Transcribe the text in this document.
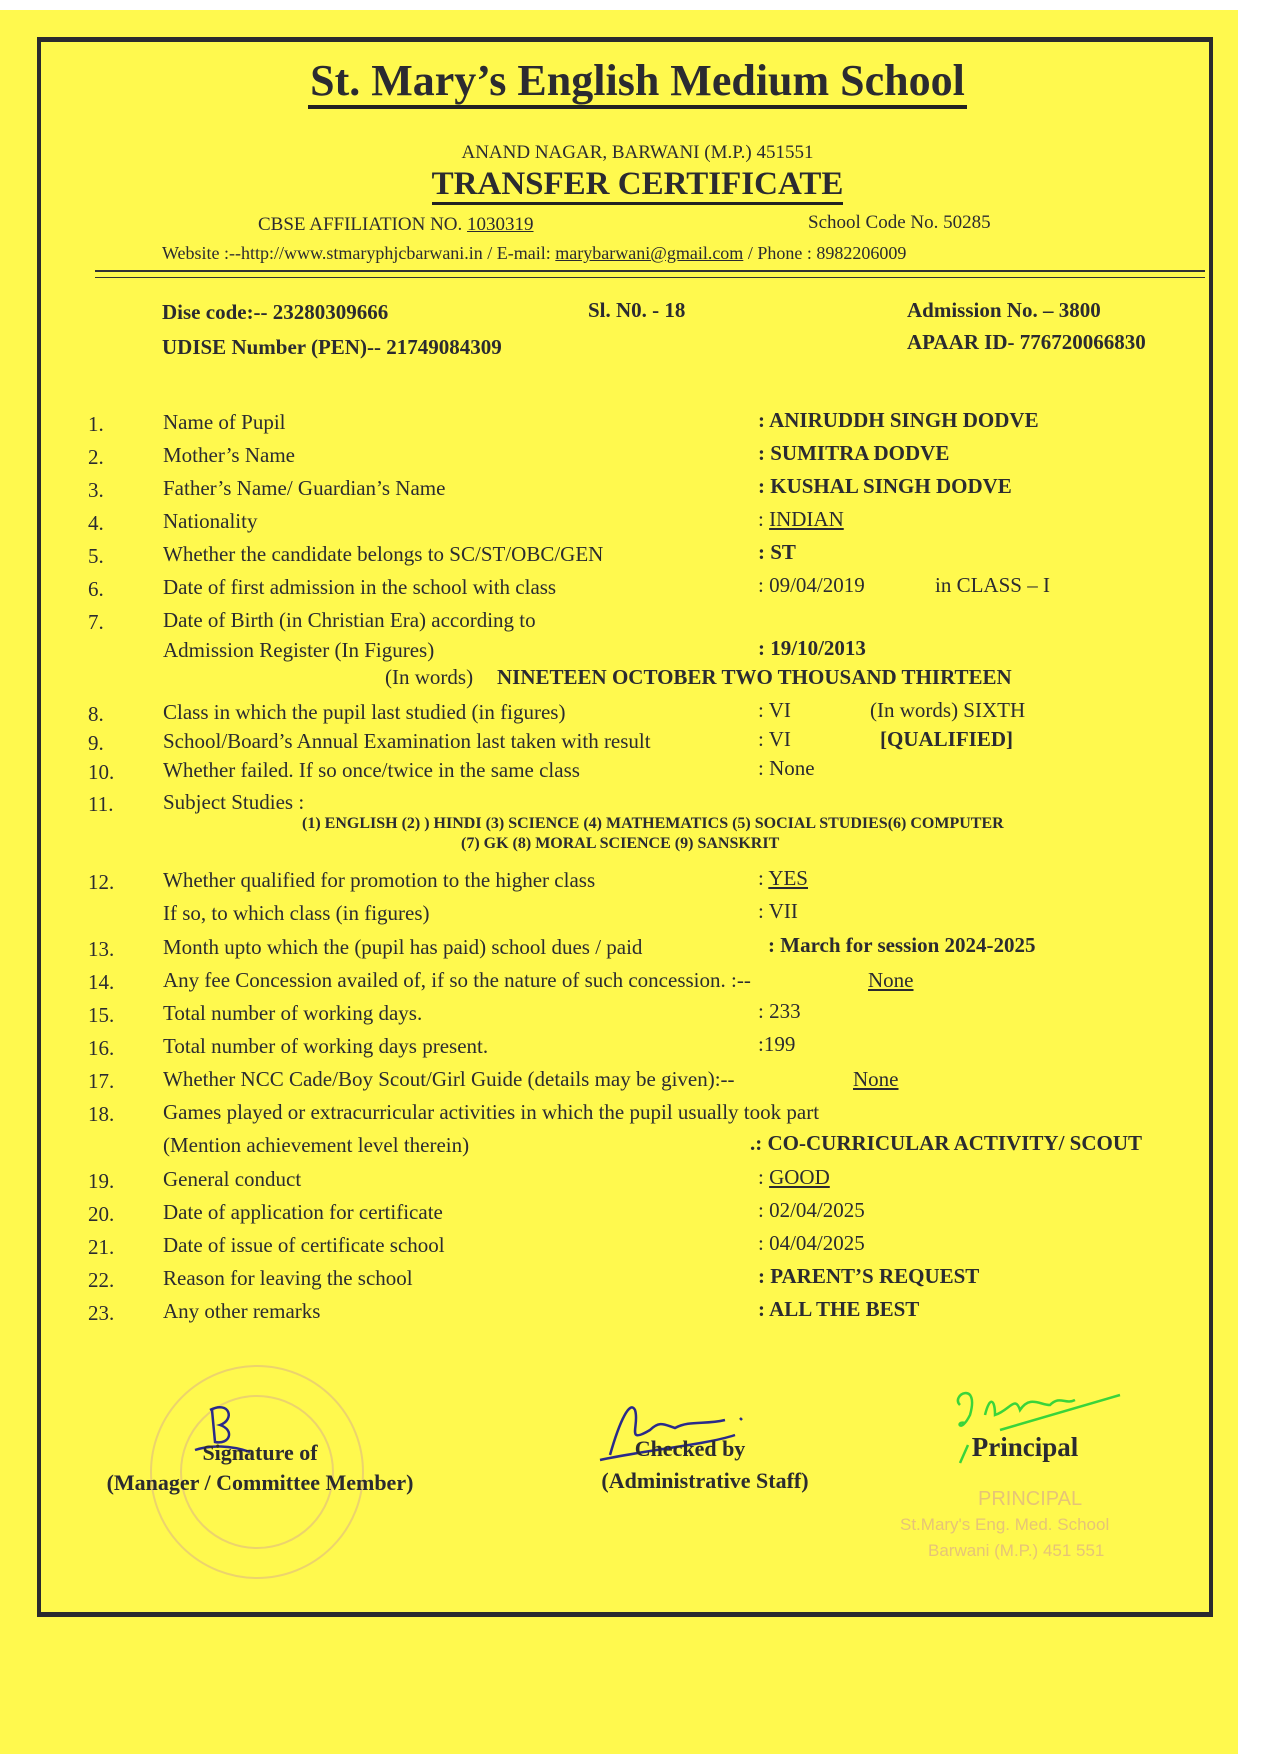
St. Mary’s English Medium School
ANAND NAGAR, BARWANI (M.P.) 451551
TRANSFER CERTIFICATE
CBSE AFFILIATION NO. 1030319	School Code No. 50285
Website :--http://www.stmaryphjcbarwani.in / E-mail: marybarwani@gmail.com / Phone : 8982206009
Dise code:-- 23280309666	Sl. N0. - 18	Admission No. – 3800
UDISE Number (PEN)-- 21749084309	APAAR ID- 776720066830
1.	Name of Pupil	: ANIRUDDH SINGH DODVE
2.	Mother’s Name	: SUMITRA DODVE
3.	Father’s Name/ Guardian’s Name	: KUSHAL SINGH DODVE
4.	Nationality	: INDIAN
5.	Whether the candidate belongs to SC/ST/OBC/GEN	: ST
6.	Date of first admission in the school with class	: 09/04/2019	in CLASS – I
7.	Date of Birth (in Christian Era) according to
Admission Register (In Figures)	: 19/10/2013
(In words) NINETEEN OCTOBER TWO THOUSAND THIRTEEN
8.	Class in which the pupil last studied (in figures)	: VI	(In words) SIXTH
9.	School/Board’s Annual Examination last taken with result	: VI	[QUALIFIED]
10. Whether failed. If so once/twice in the same class	: None
11. Subject Studies :
(1) ENGLISH (2) ) HINDI (3) SCIENCE (4) MATHEMATICS (5) SOCIAL STUDIES(6) COMPUTER
(7) GK (8) MORAL SCIENCE (9) SANSKRIT
12. Whether qualified for promotion to the higher class	: YES
If so, to which class (in figures)	: VII
13. Month upto which the (pupil has paid) school dues / paid	: March for session 2024-2025
14. Any fee Concession availed of, if so the nature of such concession. :--	None
15. Total number of working days.	: 233
16. Total number of working days present.	:199
17. Whether NCC Cade/Boy Scout/Girl Guide (details may be given):--	None
18. Games played or extracurricular activities in which the pupil usually took part
(Mention achievement level therein)	.: CO-CURRICULAR ACTIVITY/ SCOUT
19. General conduct	: GOOD
20. Date of application for certificate	: 02/04/2025
21. Date of issue of certificate school	: 04/04/2025
22. Reason for leaving the school	: PARENT’S REQUEST
23. Any other remarks	: ALL THE BEST
Signature of
(Manager / Committee Member)
Checked by
(Administrative Staff)
Principal
PRINCIPAL
St.Mary's Eng. Med. School
Barwani (M.P.) 451 551
